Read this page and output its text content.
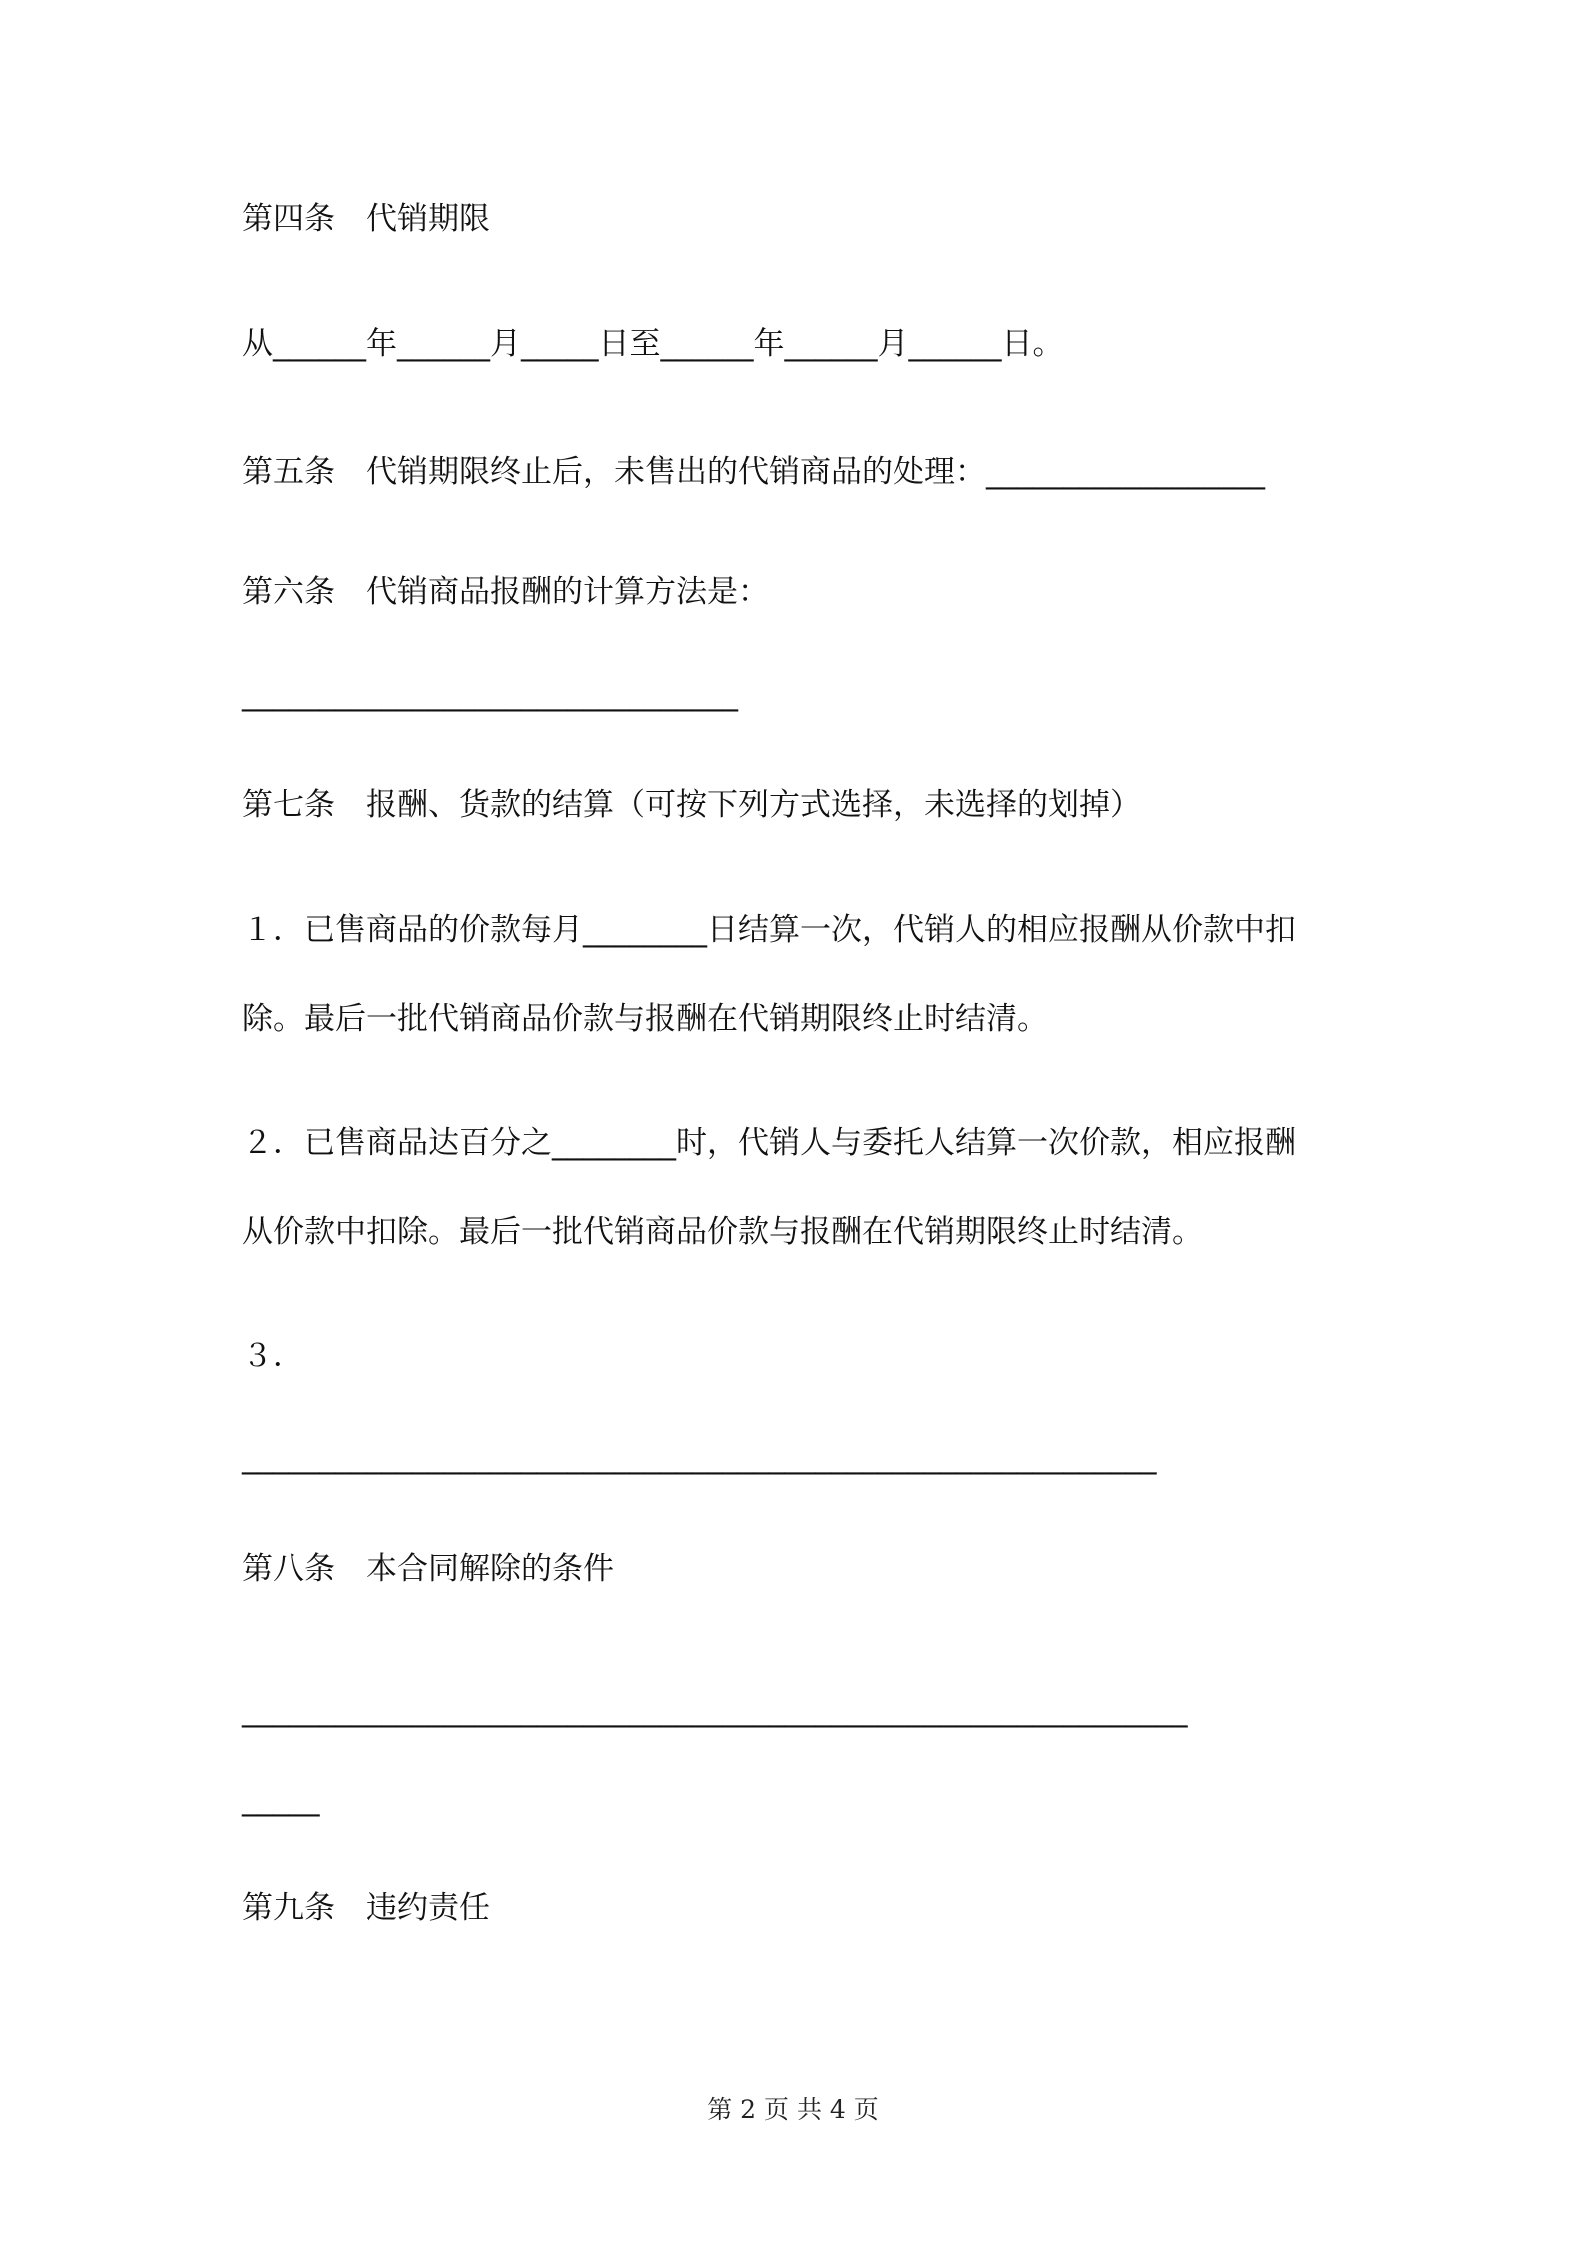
第四条　代销期限

从______年______月_____日至______年______月______日。

第五条　代销期限终止后，未售出的代销商品的处理：__________________

第六条　代销商品报酬的计算方法是：

________________________________

第七条　报酬、货款的结算（可按下列方式选择，未选择的划掉）

１．已售商品的价款每月________日结算一次，代销人的相应报酬从价款中扣

除。最后一批代销商品价款与报酬在代销期限终止时结清。

２．已售商品达百分之________时，代销人与委托人结算一次价款，相应报酬

从价款中扣除。最后一批代销商品价款与报酬在代销期限终止时结清。

３．

___________________________________________________________

第八条　本合同解除的条件

_____________________________________________________________

_____

第九条　违约责任

第 2 页 共 4 页
